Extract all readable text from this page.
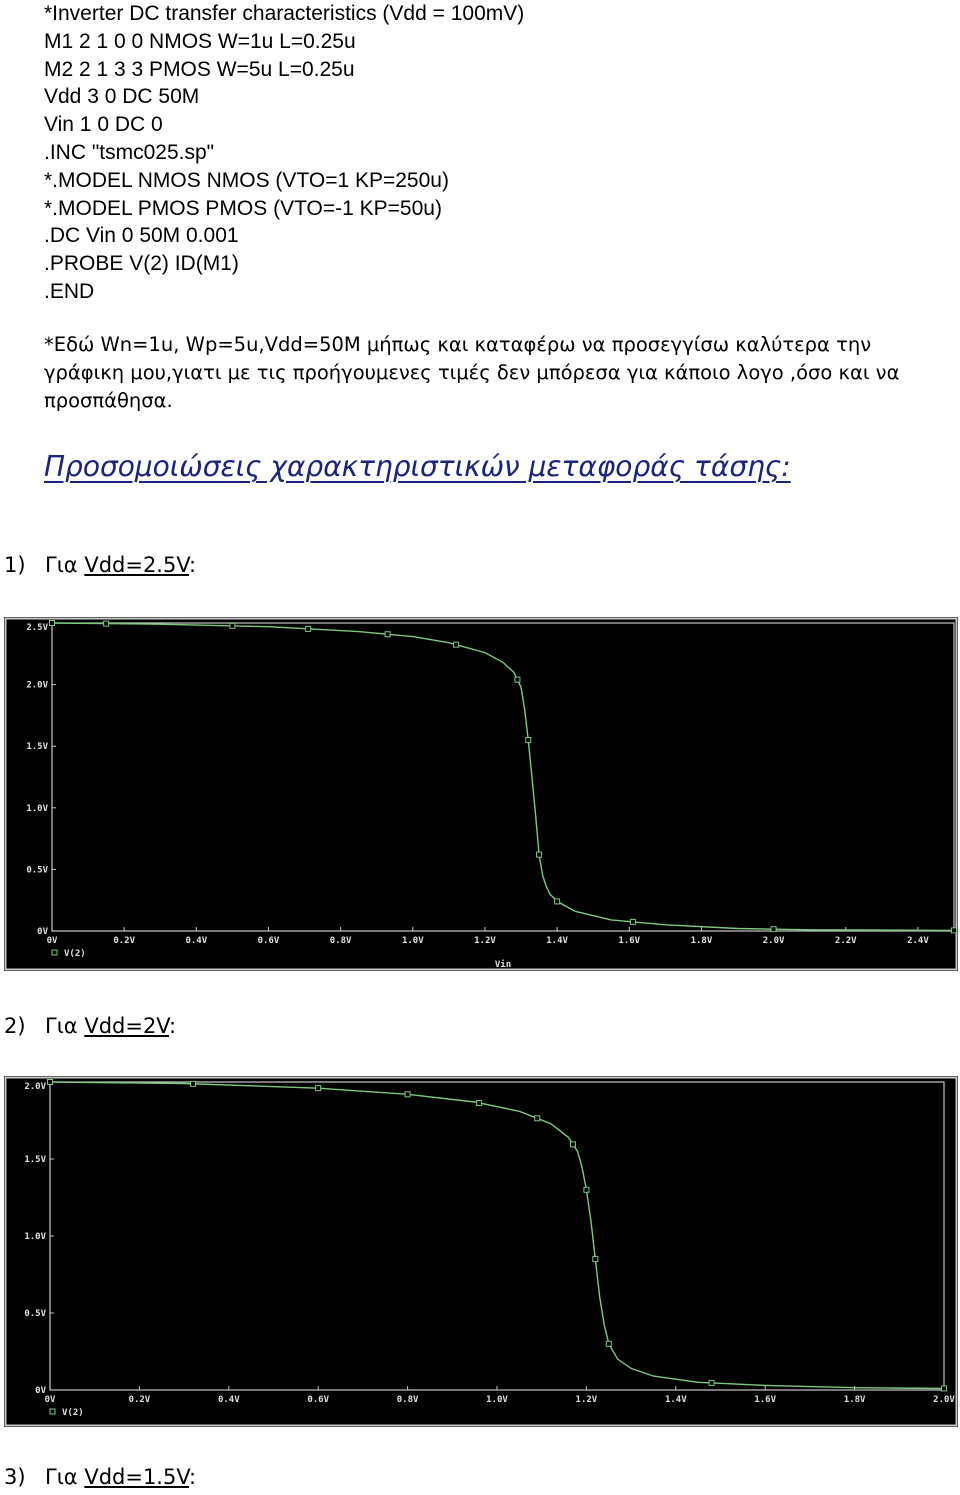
*Inverter DC transfer characteristics (Vdd = 100mV)
M1 2 1 0 0 NMOS W=1u L=0.25u
M2 2 1 3 3 PMOS W=5u L=0.25u
Vdd 3 0 DC 50M
Vin 1 0 DC 0
.INC "tsmc025.sp"
*.MODEL NMOS NMOS (VTO=1 KP=250u)
*.MODEL PMOS PMOS (VTO=-1 KP=50u)
.DC Vin 0 50M 0.001
.PROBE V(2) ID(M1)
.END
*Εδώ Wn=1u, Wp=5u,Vdd=50M μήπως και καταφέρω να προσεγγίσω καλύτερα την γράφικη μου,γιατι με τις προήγουμενες τιμές δεν μπόρεσα για κάποιο λογο ,όσο και να προσπάθησα.
Προσομοιώσεις χαρακτηριστικών μεταφοράς τάσης:
1) Για Vdd=2.5V:
0V
0.5V
1.0V
1.5V
2.0V
2.5V
0V	0.2V	0.4V	0.6V	0.8V	1.0V	1.2V	1.4V	1.6V	1.8V	2.0V	2.2V	2.4V
V(2)
Vin
2) Για Vdd=2V:
0V
0.5V
1.0V
1.5V
2.0V
0V	0.2V	0.4V	0.6V	0.8V	1.0V	1.2V	1.4V	1.6V	1.8V	2.0V
V(2)
3) Για Vdd=1.5V:
